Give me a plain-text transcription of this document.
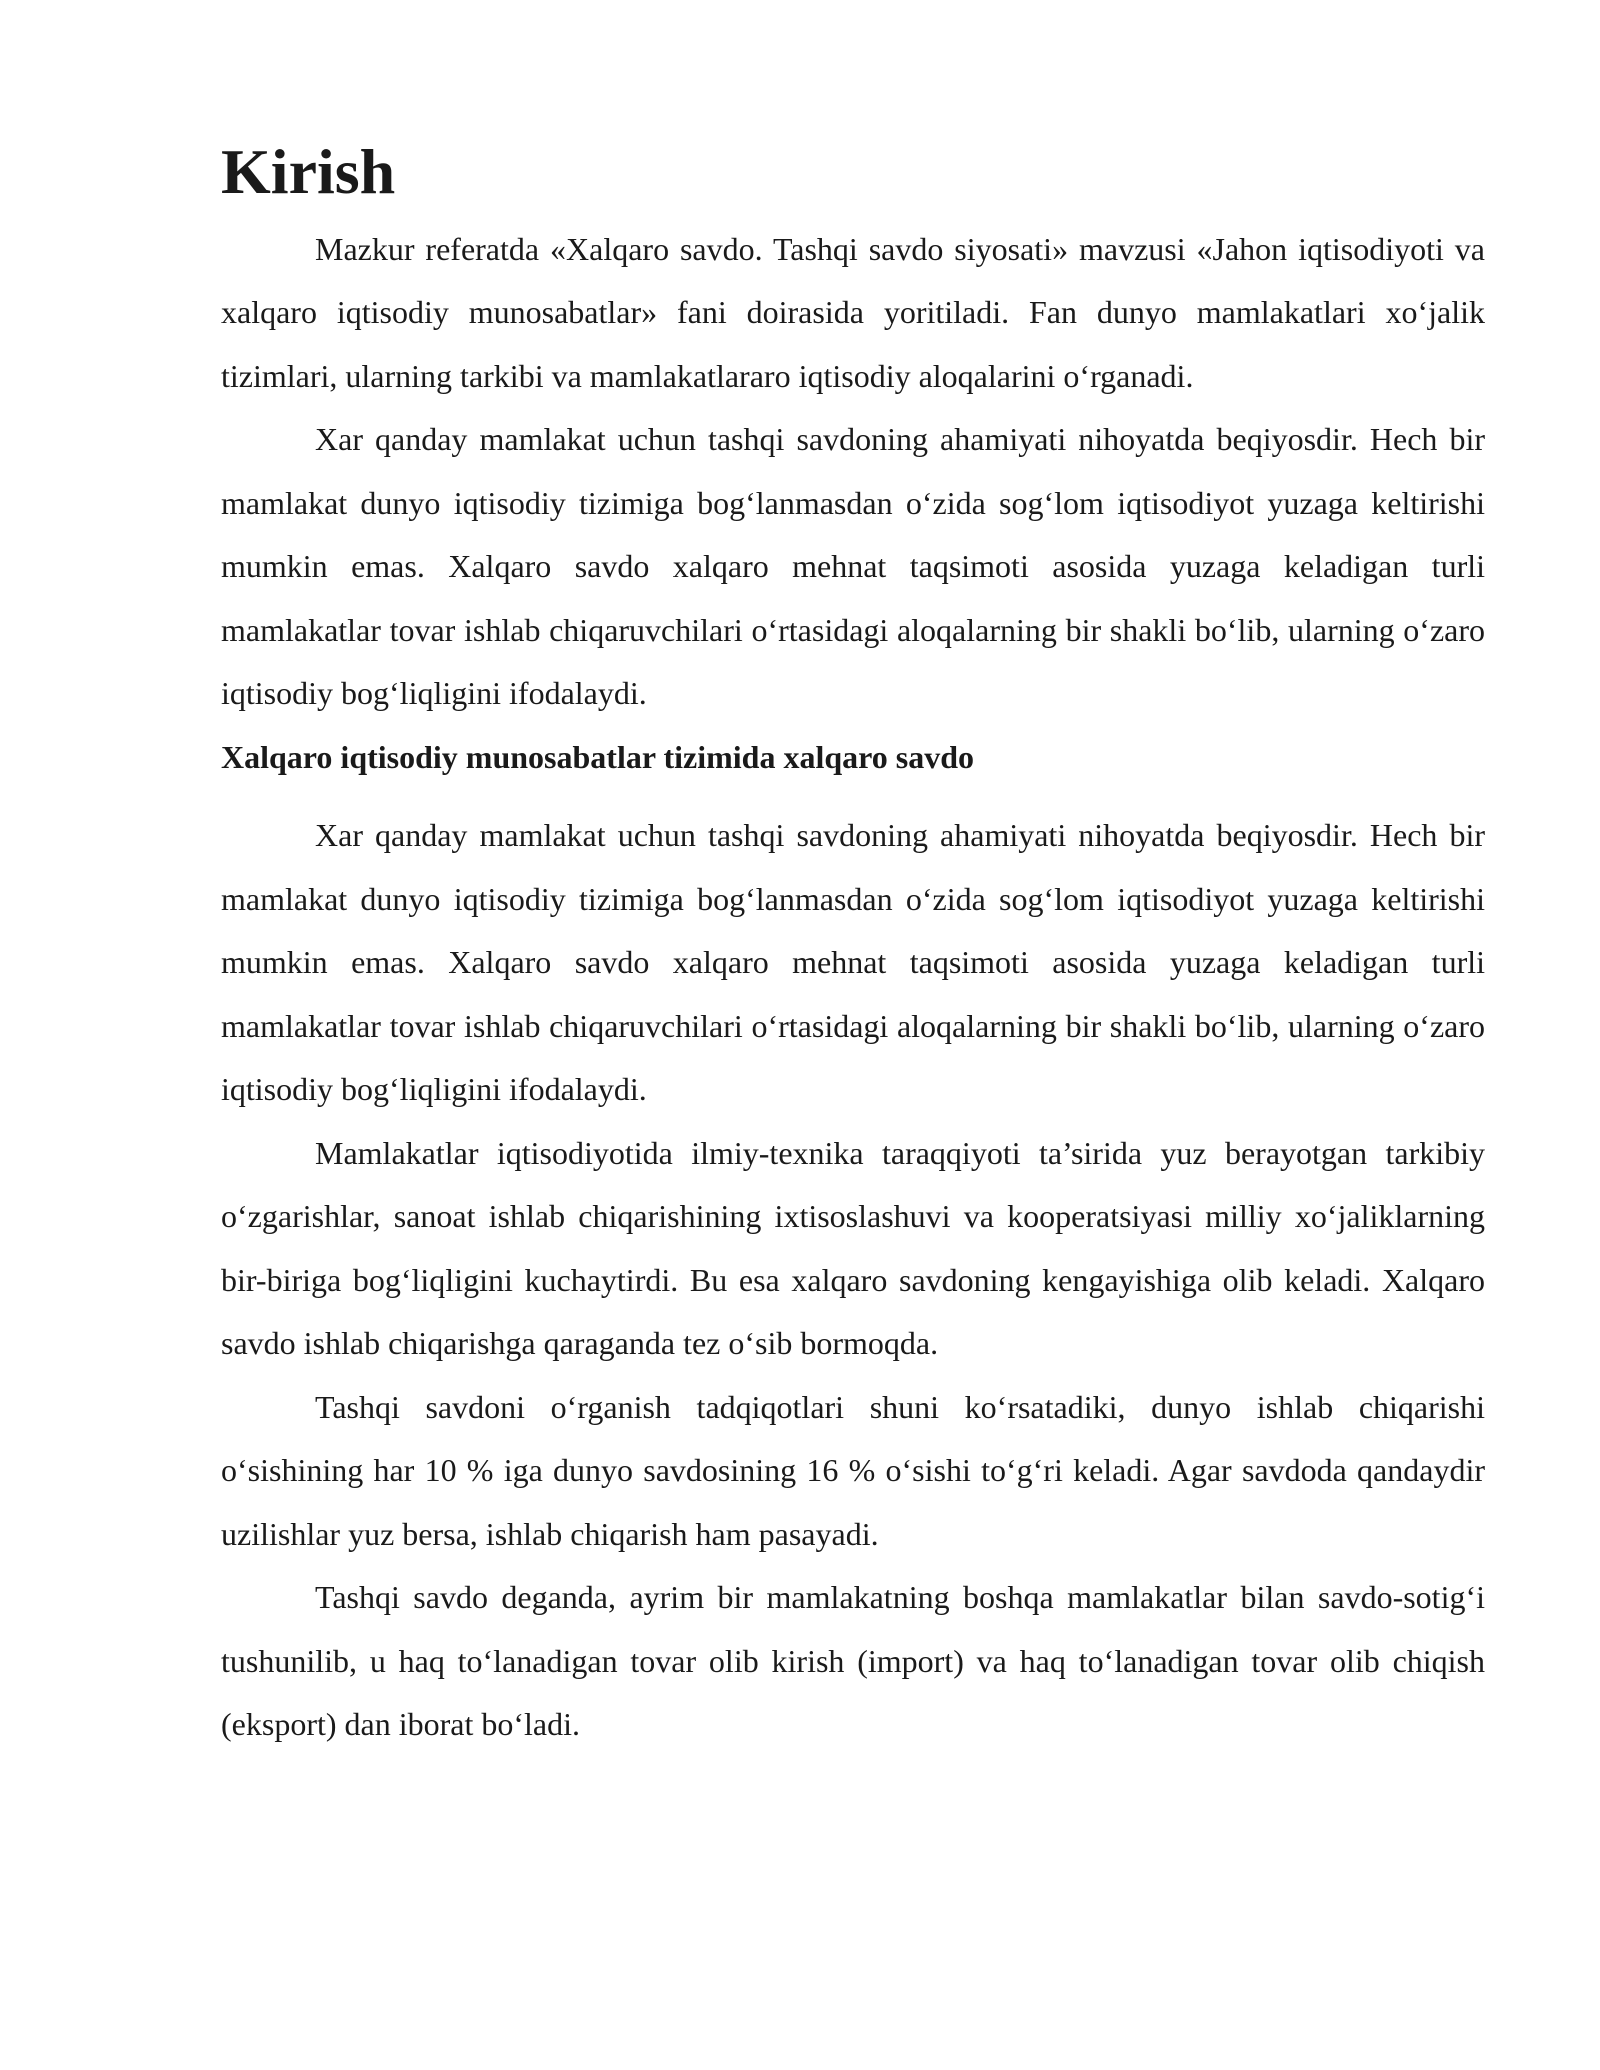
Kirish

Mazkur referatda «Xalqaro savdo. Tashqi savdo siyosati» mavzusi «Jahon iqtisodiyoti va xalqaro iqtisodiy munosabatlar» fani doirasida yoritiladi. Fan dunyo mamlakatlari xo‘jalik tizimlari, ularning tarkibi va mamlakatlararo iqtisodiy aloqalarini o‘rganadi.

Xar qanday mamlakat uchun tashqi savdoning ahamiyati nihoyatda beqiyosdir. Hech bir mamlakat dunyo iqtisodiy tizimiga bog‘lanmasdan o‘zida sog‘lom iqtisodiyot yuzaga keltirishi mumkin emas. Xalqaro savdo xalqaro mehnat taqsimoti asosida yuzaga keladigan turli mamlakatlar tovar ishlab chiqaruvchilari o‘rtasidagi aloqalarning bir shakli bo‘lib, ularning o‘zaro iqtisodiy bog‘liqligini ifodalaydi.

Xalqaro iqtisodiy munosabatlar tizimida xalqaro savdo

Xar qanday mamlakat uchun tashqi savdoning ahamiyati nihoyatda beqiyosdir. Hech bir mamlakat dunyo iqtisodiy tizimiga bog‘lanmasdan o‘zida sog‘lom iqtisodiyot yuzaga keltirishi mumkin emas. Xalqaro savdo xalqaro mehnat taqsimoti asosida yuzaga keladigan turli mamlakatlar tovar ishlab chiqaruvchilari o‘rtasidagi aloqalarning bir shakli bo‘lib, ularning o‘zaro iqtisodiy bog‘liqligini ifodalaydi.

Mamlakatlar iqtisodiyotida ilmiy-texnika taraqqiyoti ta’sirida yuz berayotgan tarkibiy o‘zgarishlar, sanoat ishlab chiqarishining ixtisoslashuvi va kooperatsiyasi milliy xo‘jaliklarning bir-biriga bog‘liqligini kuchaytirdi. Bu esa xalqaro savdoning kengayishiga olib keladi. Xalqaro savdo ishlab chiqarishga qaraganda tez o‘sib bormoqda.

Tashqi savdoni o‘rganish tadqiqotlari shuni ko‘rsatadiki, dunyo ishlab chiqarishi o‘sishining har 10 % iga dunyo savdosining 16 % o‘sishi to‘g‘ri keladi. Agar savdoda qandaydir uzilishlar yuz bersa, ishlab chiqarish ham pasayadi.

Tashqi savdo deganda, ayrim bir mamlakatning boshqa mamlakatlar bilan savdo-sotig‘i tushunilib, u haq to‘lanadigan tovar olib kirish (import) va haq to‘lanadigan tovar olib chiqish (eksport) dan iborat bo‘ladi.
